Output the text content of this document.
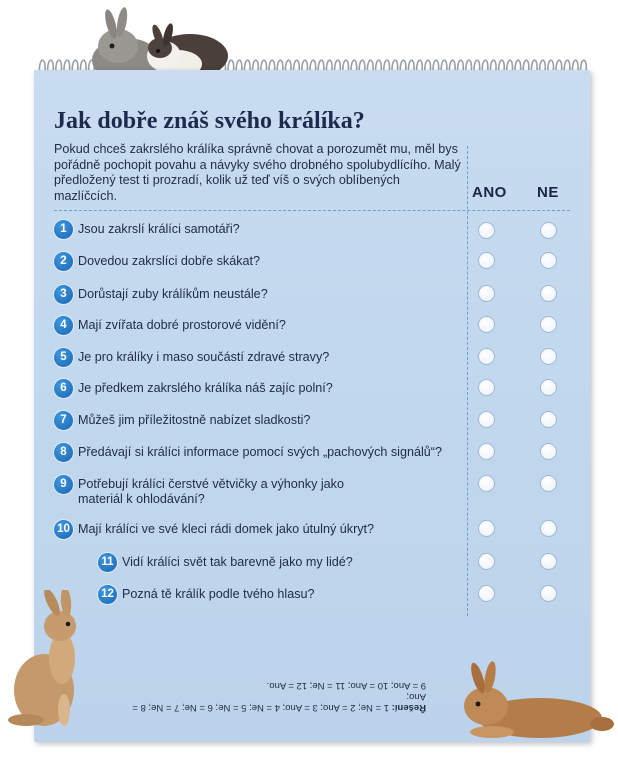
Jak dobře znáš svého králíka?
Pokud chceš zakrslého králíka správně chovat a porozumět mu, měl bys pořádně pochopit povahu a návyky svého drobného spolubydlícího. Malý předložený test ti prozradí, kolik už teď víš o svých oblíbených mazlíčcích.	ANO NE
1 Jsou zakrslí králíci samotáři?
2 Dovedou zakrslíci dobře skákat?
3 Dorůstají zuby králíkům neustále?
4 Mají zvířata dobré prostorové vidění?
5 Je pro králíky i maso součástí zdravé stravy?
6 Je předkem zakrslého králíka náš zajíc polní?
7 Můžeš jim příležitostně nabízet sladkosti?
8 Předávají si králíci informace pomocí svých „pachových signálů“?
9 Potřebují králíci čerstvé větvičky a výhonky jako materiál k ohlodávání?
10 Mají králíci ve své kleci rádi domek jako útulný úkryt?
11 Vidí králíci svět tak barevně jako my lidé?
12 Pozná tě králík podle tvého hlasu?
Řešení: 1 = Ne; 2 = Ano; 3 = Ano; 4 = Ne; 5 = Ne; 6 = Ne; 7 = Ne; 8 = Ano;
9 = Ano; 10 = Ano; 11 = Ne; 12 = Ano.
